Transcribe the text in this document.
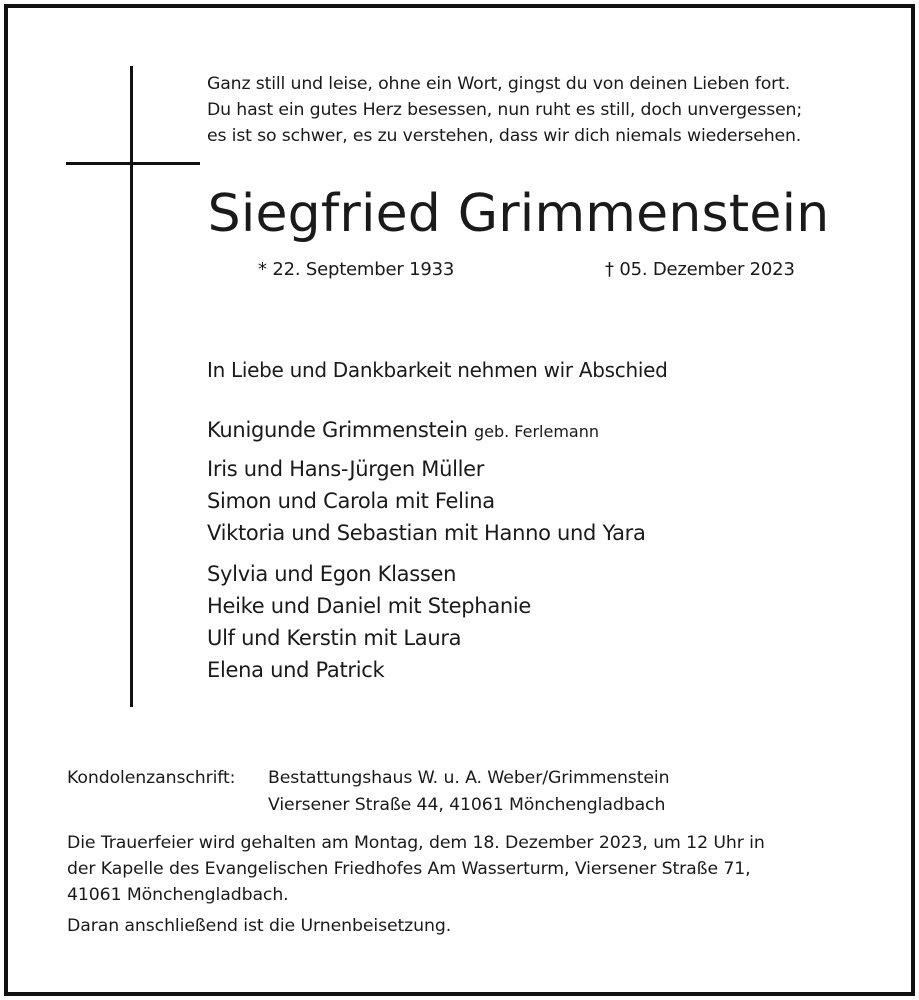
Ganz still und leise, ohne ein Wort, gingst du von deinen Lieben fort.
Du hast ein gutes Herz besessen, nun ruht es still, doch unvergessen;
es ist so schwer, es zu verstehen, dass wir dich niemals wiedersehen.
Siegfried Grimmenstein
* 22. September 1933	† 05. Dezember 2023
In Liebe und Dankbarkeit nehmen wir Abschied
Kunigunde Grimmenstein geb. Ferlemann
Iris und Hans-Jürgen Müller
Simon und Carola mit Felina
Viktoria und Sebastian mit Hanno und Yara
Sylvia und Egon Klassen
Heike und Daniel mit Stephanie
Ulf und Kerstin mit Laura
Elena und Patrick
Kondolenzanschrift: Bestattungshaus W. u. A. Weber/Grimmenstein
Viersener Straße 44, 41061 Mönchengladbach
Die Trauerfeier wird gehalten am Montag, dem 18. Dezember 2023, um 12 Uhr in
der Kapelle des Evangelischen Friedhofes Am Wasserturm, Viersener Straße 71,
41061 Mönchengladbach.
Daran anschließend ist die Urnenbeisetzung.
